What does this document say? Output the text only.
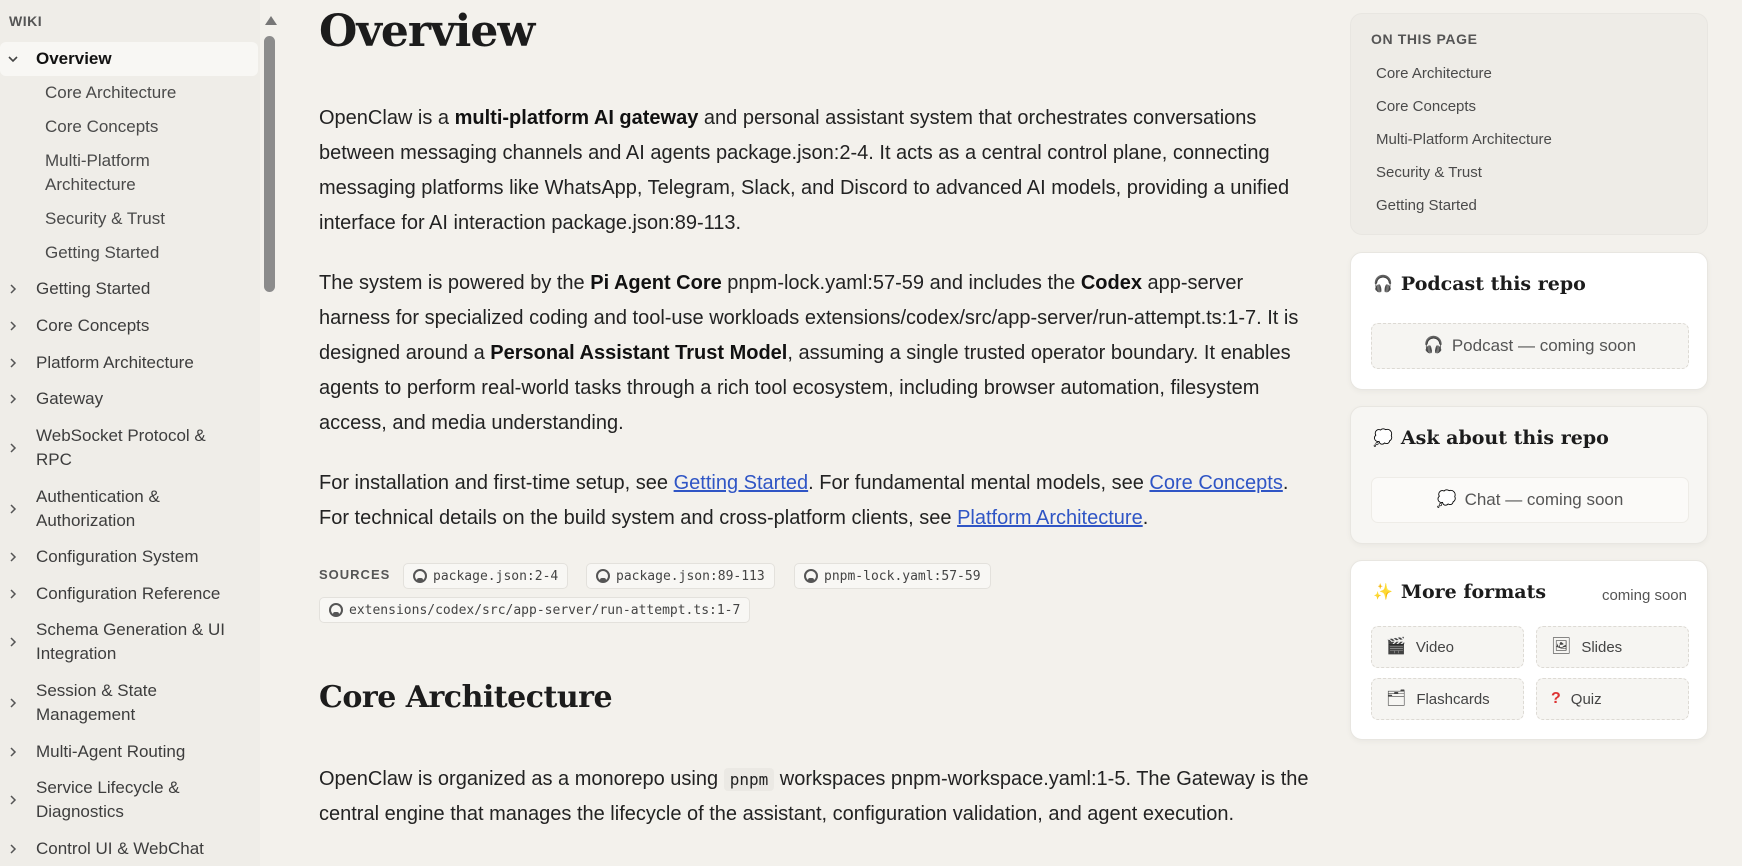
WIKI
Overview
Core Architecture
Core Concepts
Multi-Platform Architecture
Security & Trust
Getting Started
Getting Started
Core Concepts
Platform Architecture
Gateway
WebSocket Protocol & RPC
Authentication & Authorization
Configuration System
Configuration Reference
Schema Generation & UI Integration
Session & State Management
Multi-Agent Routing
Service Lifecycle & Diagnostics
Control UI & WebChat
Overview

OpenClaw is a multi-platform AI gateway and personal assistant system that orchestrates conversations between messaging channels and AI agents package.json:2-4. It acts as a central control plane, connecting messaging platforms like WhatsApp, Telegram, Slack, and Discord to advanced AI models, providing a unified interface for AI interaction package.json:89-113.

The system is powered by the Pi Agent Core pnpm-lock.yaml:57-59 and includes the Codex app-server harness for specialized coding and tool-use workloads extensions/codex/src/app-server/run-attempt.ts:1-7. It is designed around a Personal Assistant Trust Model, assuming a single trusted operator boundary. It enables agents to perform real-world tasks through a rich tool ecosystem, including browser automation, filesystem access, and media understanding.

For installation and first-time setup, see Getting Started. For fundamental mental models, see Core Concepts. For technical details on the build system and cross-platform clients, see Platform Architecture.

SOURCES	package.json:2-4	package.json:89-113	pnpm-lock.yaml:57-59
extensions/codex/src/app-server/run-attempt.ts:1-7
Core Architecture

OpenClaw is organized as a monorepo using pnpm workspaces pnpm-workspace.yaml:1-5. The Gateway is the central engine that manages the lifecycle of the assistant, configuration validation, and agent execution.

ON THIS PAGE
Core Architecture
Core Concepts
Multi-Platform Architecture
Security & Trust
Getting Started
🎧 Podcast this repo
🎧 Podcast — coming soon
💭 Ask about this repo
💭 Chat — coming soon
✨ More formats	coming soon
🎬 Video	🖼 Slides
🗂 Flashcards	? Quiz
